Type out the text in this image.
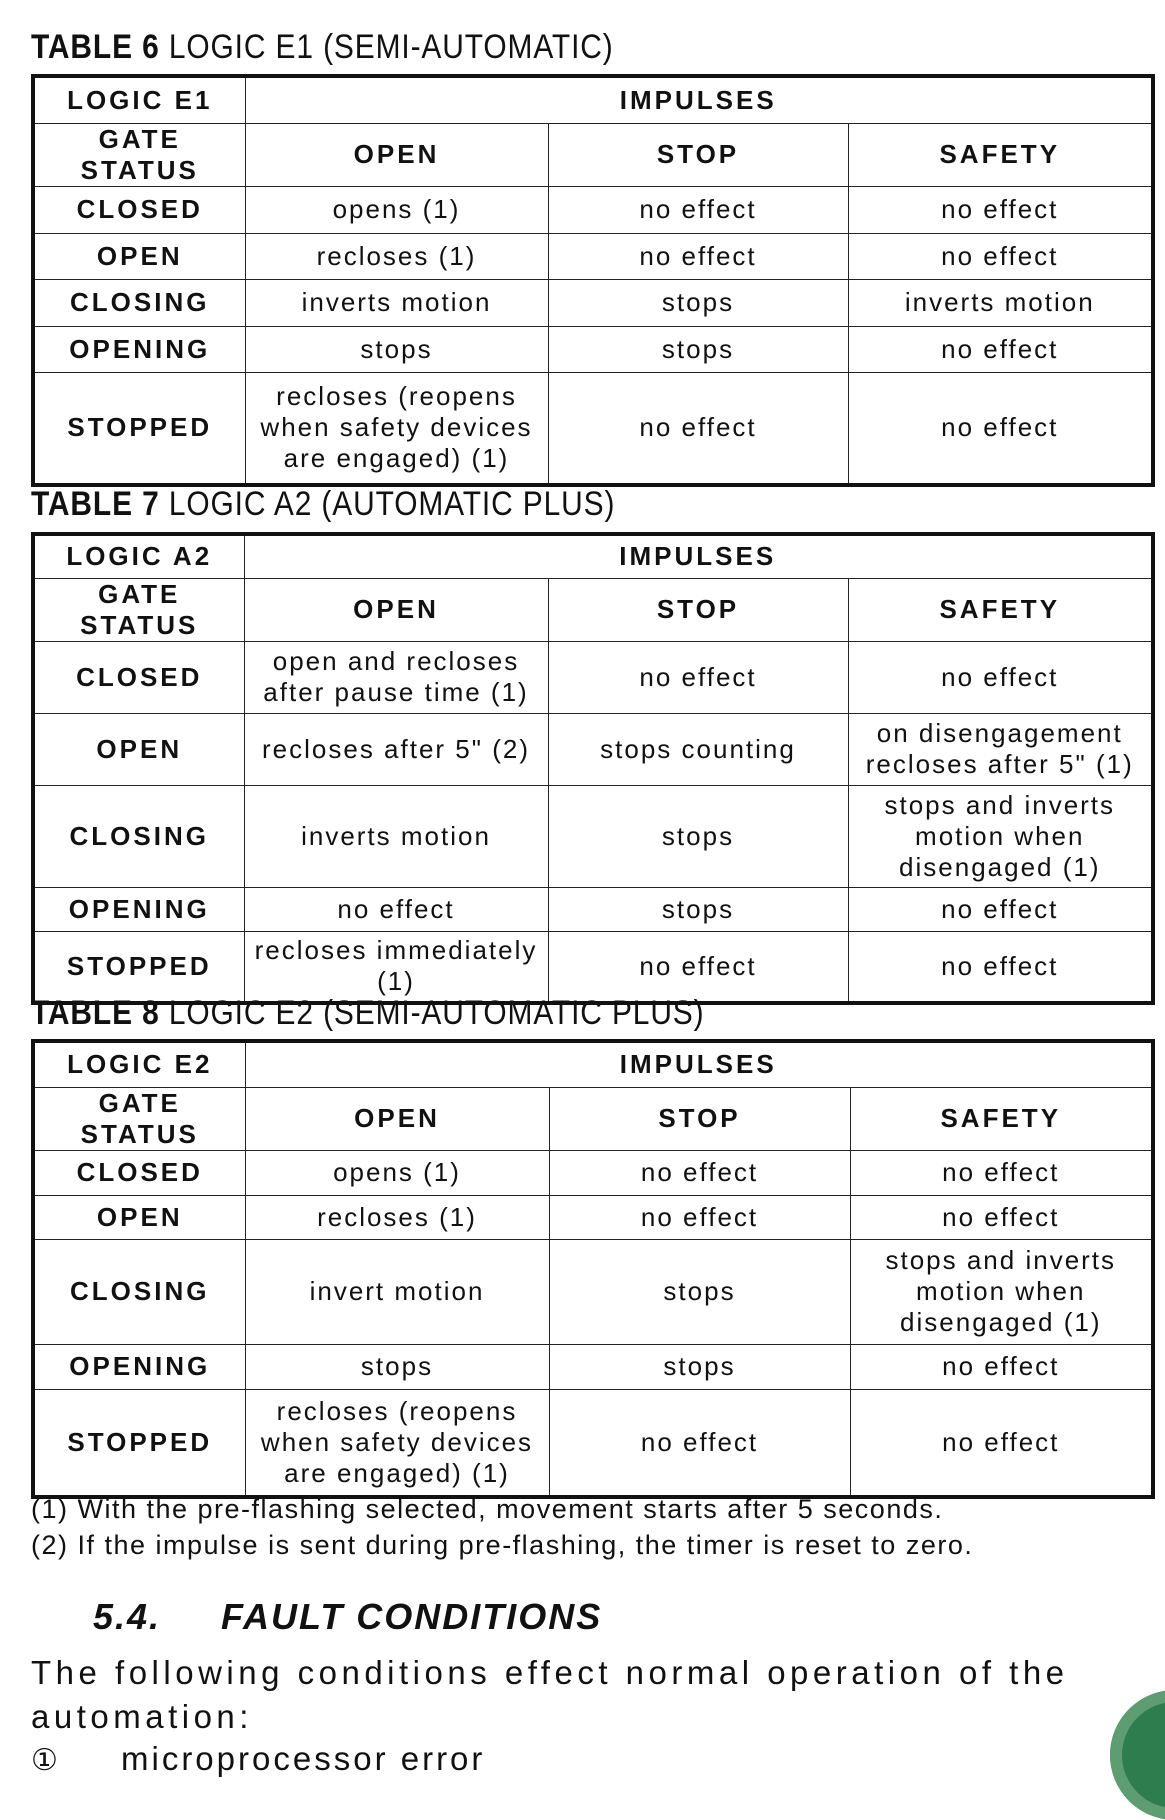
TABLE 6 LOGIC E1 (SEMI-AUTOMATIC)
LOGIC E1	IMPULSES		
GATE STATUS	OPEN	STOP	SAFETY
CLOSED	opens (1)	no effect	no effect
OPEN	recloses (1)	no effect	no effect
CLOSING	inverts motion	stops	inverts motion
OPENING	stops	stops	no effect
STOPPED	recloses (reopens when safety devices are engaged) (1)	no effect	no effect
TABLE 7 LOGIC A2 (AUTOMATIC PLUS)
LOGIC A2	IMPULSES		
GATE STATUS	OPEN	STOP	SAFETY
CLOSED	open and recloses after pause time (1)	no effect	no effect
OPEN	recloses after 5" (2)	stops counting	on disengagement recloses after 5" (1)
CLOSING	inverts motion	stops	stops and inverts motion when disengaged (1)
OPENING	no effect	stops	no effect
STOPPED	recloses immediately (1)	no effect	no effect
TABLE 8 LOGIC E2 (SEMI-AUTOMATIC PLUS)
LOGIC E2	IMPULSES		
GATE STATUS	OPEN	STOP	SAFETY
CLOSED	opens (1)	no effect	no effect
OPEN	recloses (1)	no effect	no effect
CLOSING	invert motion	stops	stops and inverts motion when disengaged (1)
OPENING	stops	stops	no effect
STOPPED	recloses (reopens when safety devices are engaged) (1)	no effect	no effect
(1) With the pre-flashing selected, movement starts after 5 seconds.
(2) If the impulse is sent during pre-flashing, the timer is reset to zero.
5.4. FAULT CONDITIONS
The following conditions effect normal operation of the automation:
① microprocessor error
